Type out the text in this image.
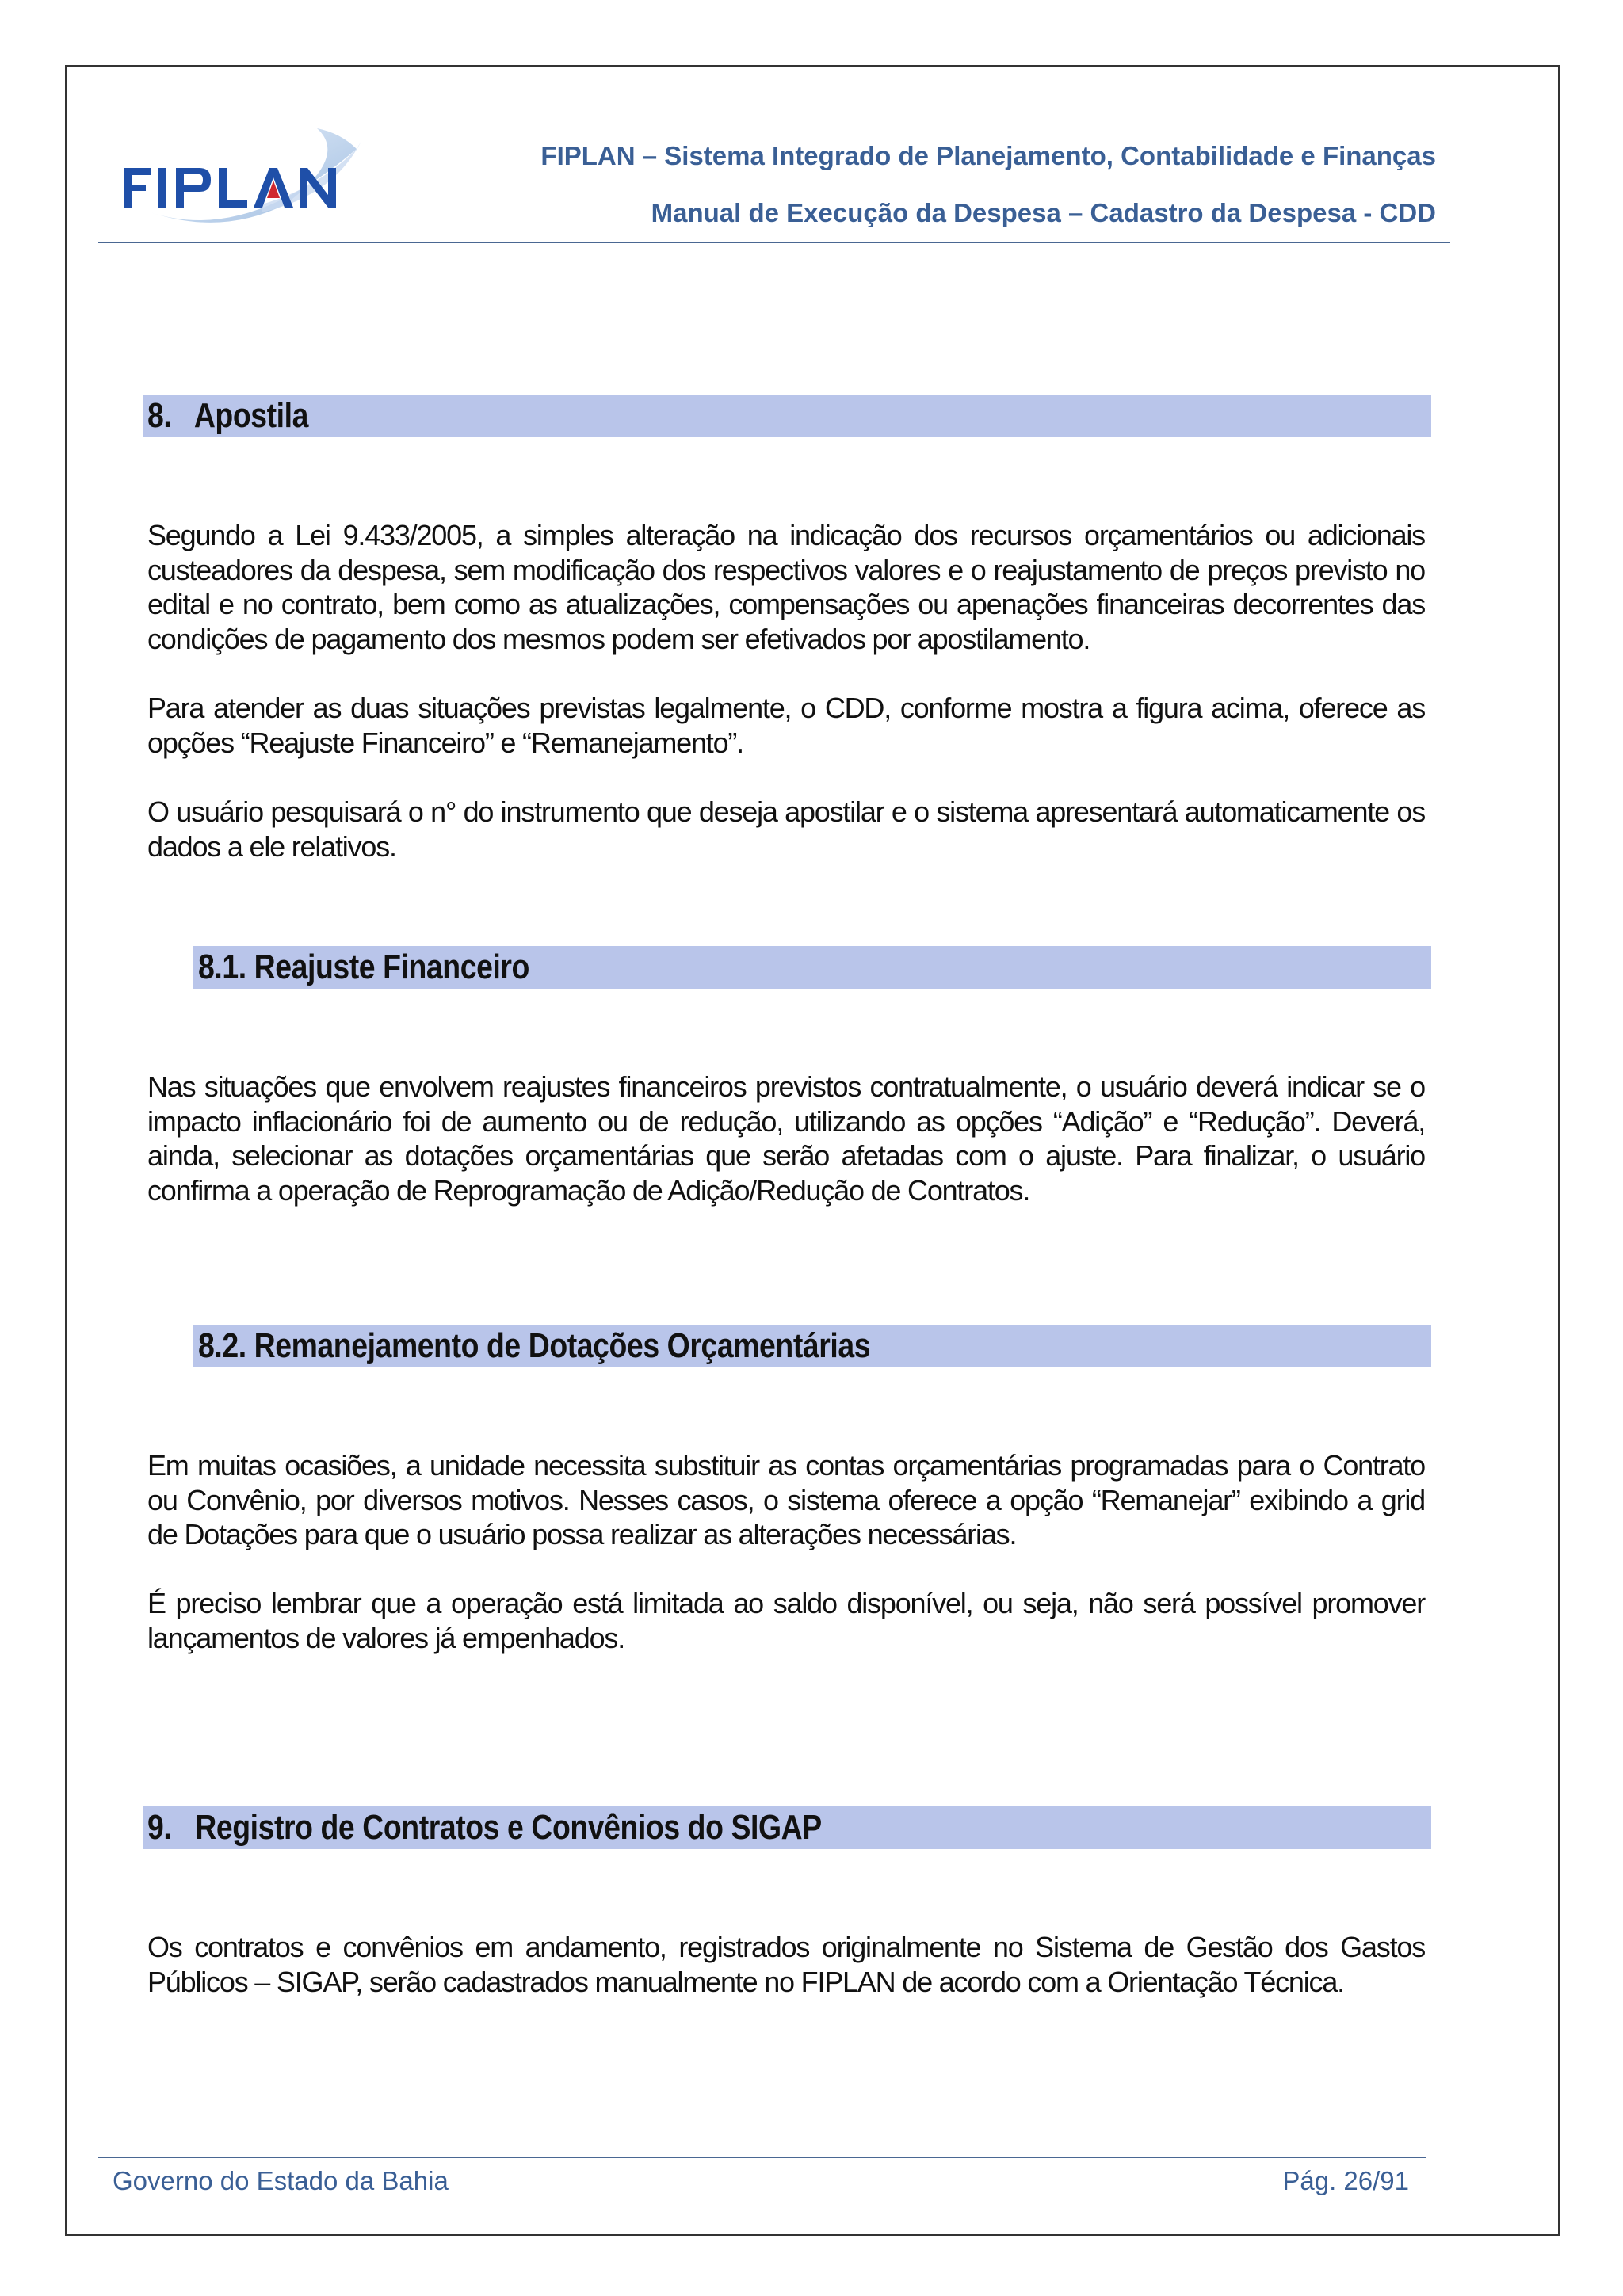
FIPLAN – Sistema Integrado de Planejamento, Contabilidade e Finanças
Manual de Execução da Despesa – Cadastro da Despesa - CDD
8.   Apostila
Segundo a Lei 9.433/2005, a simples alteração na indicação dos recursos orçamentários ou adicionais custeadores da despesa, sem modificação dos respectivos valores e o reajustamento de preços previsto no edital e no contrato, bem como as atualizações, compensações ou apenações financeiras decorrentes das condições de pagamento dos mesmos podem ser efetivados por apostilamento.
Para atender as duas situações previstas legalmente, o CDD, conforme mostra a figura acima, oferece as opções “Reajuste Financeiro” e “Remanejamento”.
O usuário pesquisará o n° do instrumento que deseja apostilar e o sistema apresentará automaticamente os dados a ele relativos.
8.1. Reajuste Financeiro
Nas situações que envolvem reajustes financeiros previstos contratualmente, o usuário deverá indicar se o impacto inflacionário foi de aumento ou de redução, utilizando as opções “Adição” e “Redução”. Deverá, ainda, selecionar as dotações orçamentárias que serão afetadas com o ajuste. Para finalizar, o usuário confirma a operação de Reprogramação de Adição/Redução de Contratos.
8.2. Remanejamento de Dotações Orçamentárias
Em muitas ocasiões, a unidade necessita substituir as contas orçamentárias programadas para o Contrato ou Convênio, por diversos motivos. Nesses casos, o sistema oferece a opção “Remanejar” exibindo a grid de Dotações para que o usuário possa realizar as alterações necessárias.
É preciso lembrar que a operação está limitada ao saldo disponível, ou seja, não será possível promover lançamentos de valores já empenhados.
9.   Registro de Contratos e Convênios do SIGAP
Os contratos e convênios em andamento, registrados originalmente no Sistema de Gestão dos Gastos Públicos – SIGAP, serão cadastrados manualmente no FIPLAN de acordo com a Orientação Técnica.
Governo do Estado da Bahia	Pág. 26/91
